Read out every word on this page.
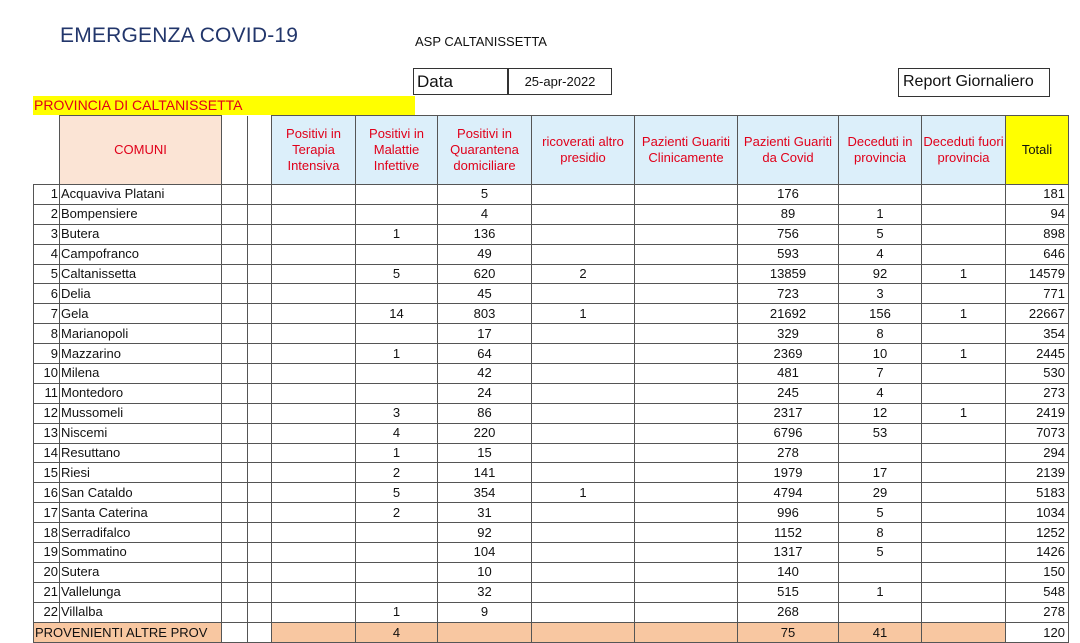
EMERGENZA COVID-19	ASP CALTANISSETTA
Data	25-apr-2022	Report Giornaliero
PROVINCIA DI CALTANISSETTA
	COMUNI			Positivi in Terapia Intensiva	Positivi in Malattie Infettive	Positivi in Quarantena domiciliare	ricoverati altro presidio	Pazienti Guariti Clinicamente	Pazienti Guariti da Covid	Deceduti in provincia	Deceduti fuori provincia	Totali
1	Acquaviva Platani					5			176			181
2	Bompensiere					4			89	1		94
3	Butera				1	136			756	5		898
4	Campofranco					49			593	4		646
5	Caltanissetta				5	620	2		13859	92	1	14579
6	Delia					45			723	3		771
7	Gela				14	803	1		21692	156	1	22667
8	Marianopoli					17			329	8		354
9	Mazzarino				1	64			2369	10	1	2445
10	Milena					42			481	7		530
11	Montedoro					24			245	4		273
12	Mussomeli				3	86			2317	12	1	2419
13	Niscemi				4	220			6796	53		7073
14	Resuttano				1	15			278			294
15	Riesi				2	141			1979	17		2139
16	San Cataldo				5	354	1		4794	29		5183
17	Santa Caterina				2	31			996	5		1034
18	Serradifalco					92			1152	8		1252
19	Sommatino					104			1317	5		1426
20	Sutera					10			140			150
21	Vallelunga					32			515	1		548
22	Villalba				1	9			268			278
PROVENIENTI ALTRE PROV					4				75	41		120
